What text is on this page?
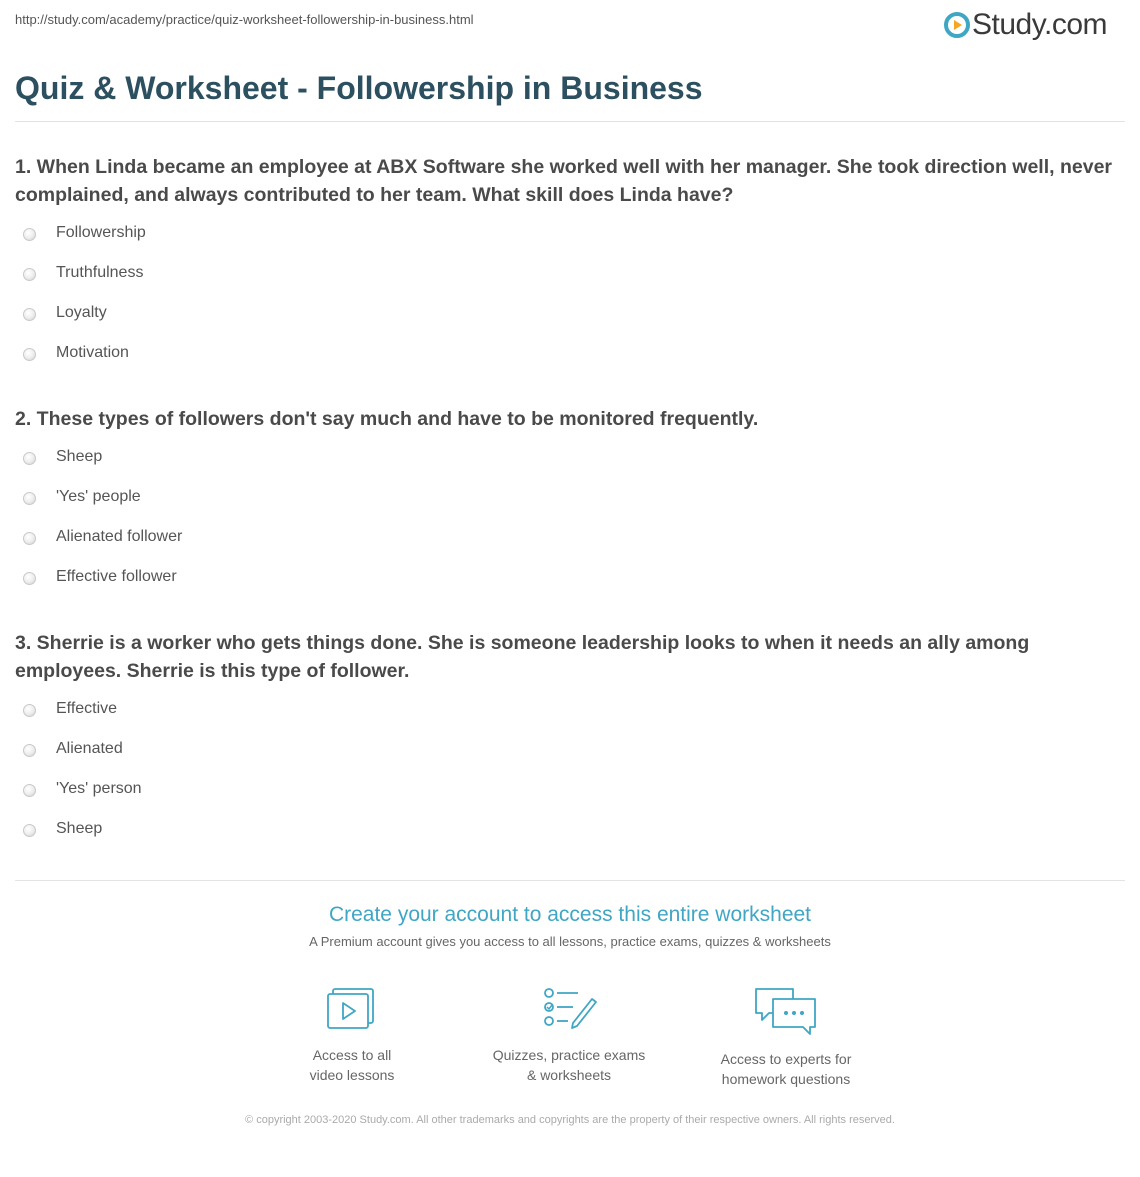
http://study.com/academy/practice/quiz-worksheet-followership-in-business.html	Study.com
Quiz & Worksheet - Followership in Business

1. When Linda became an employee at ABX Software she worked well with her manager. She took direction well, never complained, and always contributed to her team. What skill does Linda have?

Followership
Truthfulness
Loyalty
Motivation

2. These types of followers don't say much and have to be monitored frequently.

Sheep
'Yes' people
Alienated follower
Effective follower

3. Sherrie is a worker who gets things done. She is someone leadership looks to when it needs an ally among employees. Sherrie is this type of follower.

Effective
Alienated
'Yes' person
Sheep

Create your account to access this entire worksheet

A Premium account gives you access to all lessons, practice exams, quizzes & worksheets
Access to all
video lessons
Quizzes, practice exams
& worksheets
Access to experts for
homework questions
© copyright 2003-2020 Study.com. All other trademarks and copyrights are the property of their respective owners. All rights reserved.
